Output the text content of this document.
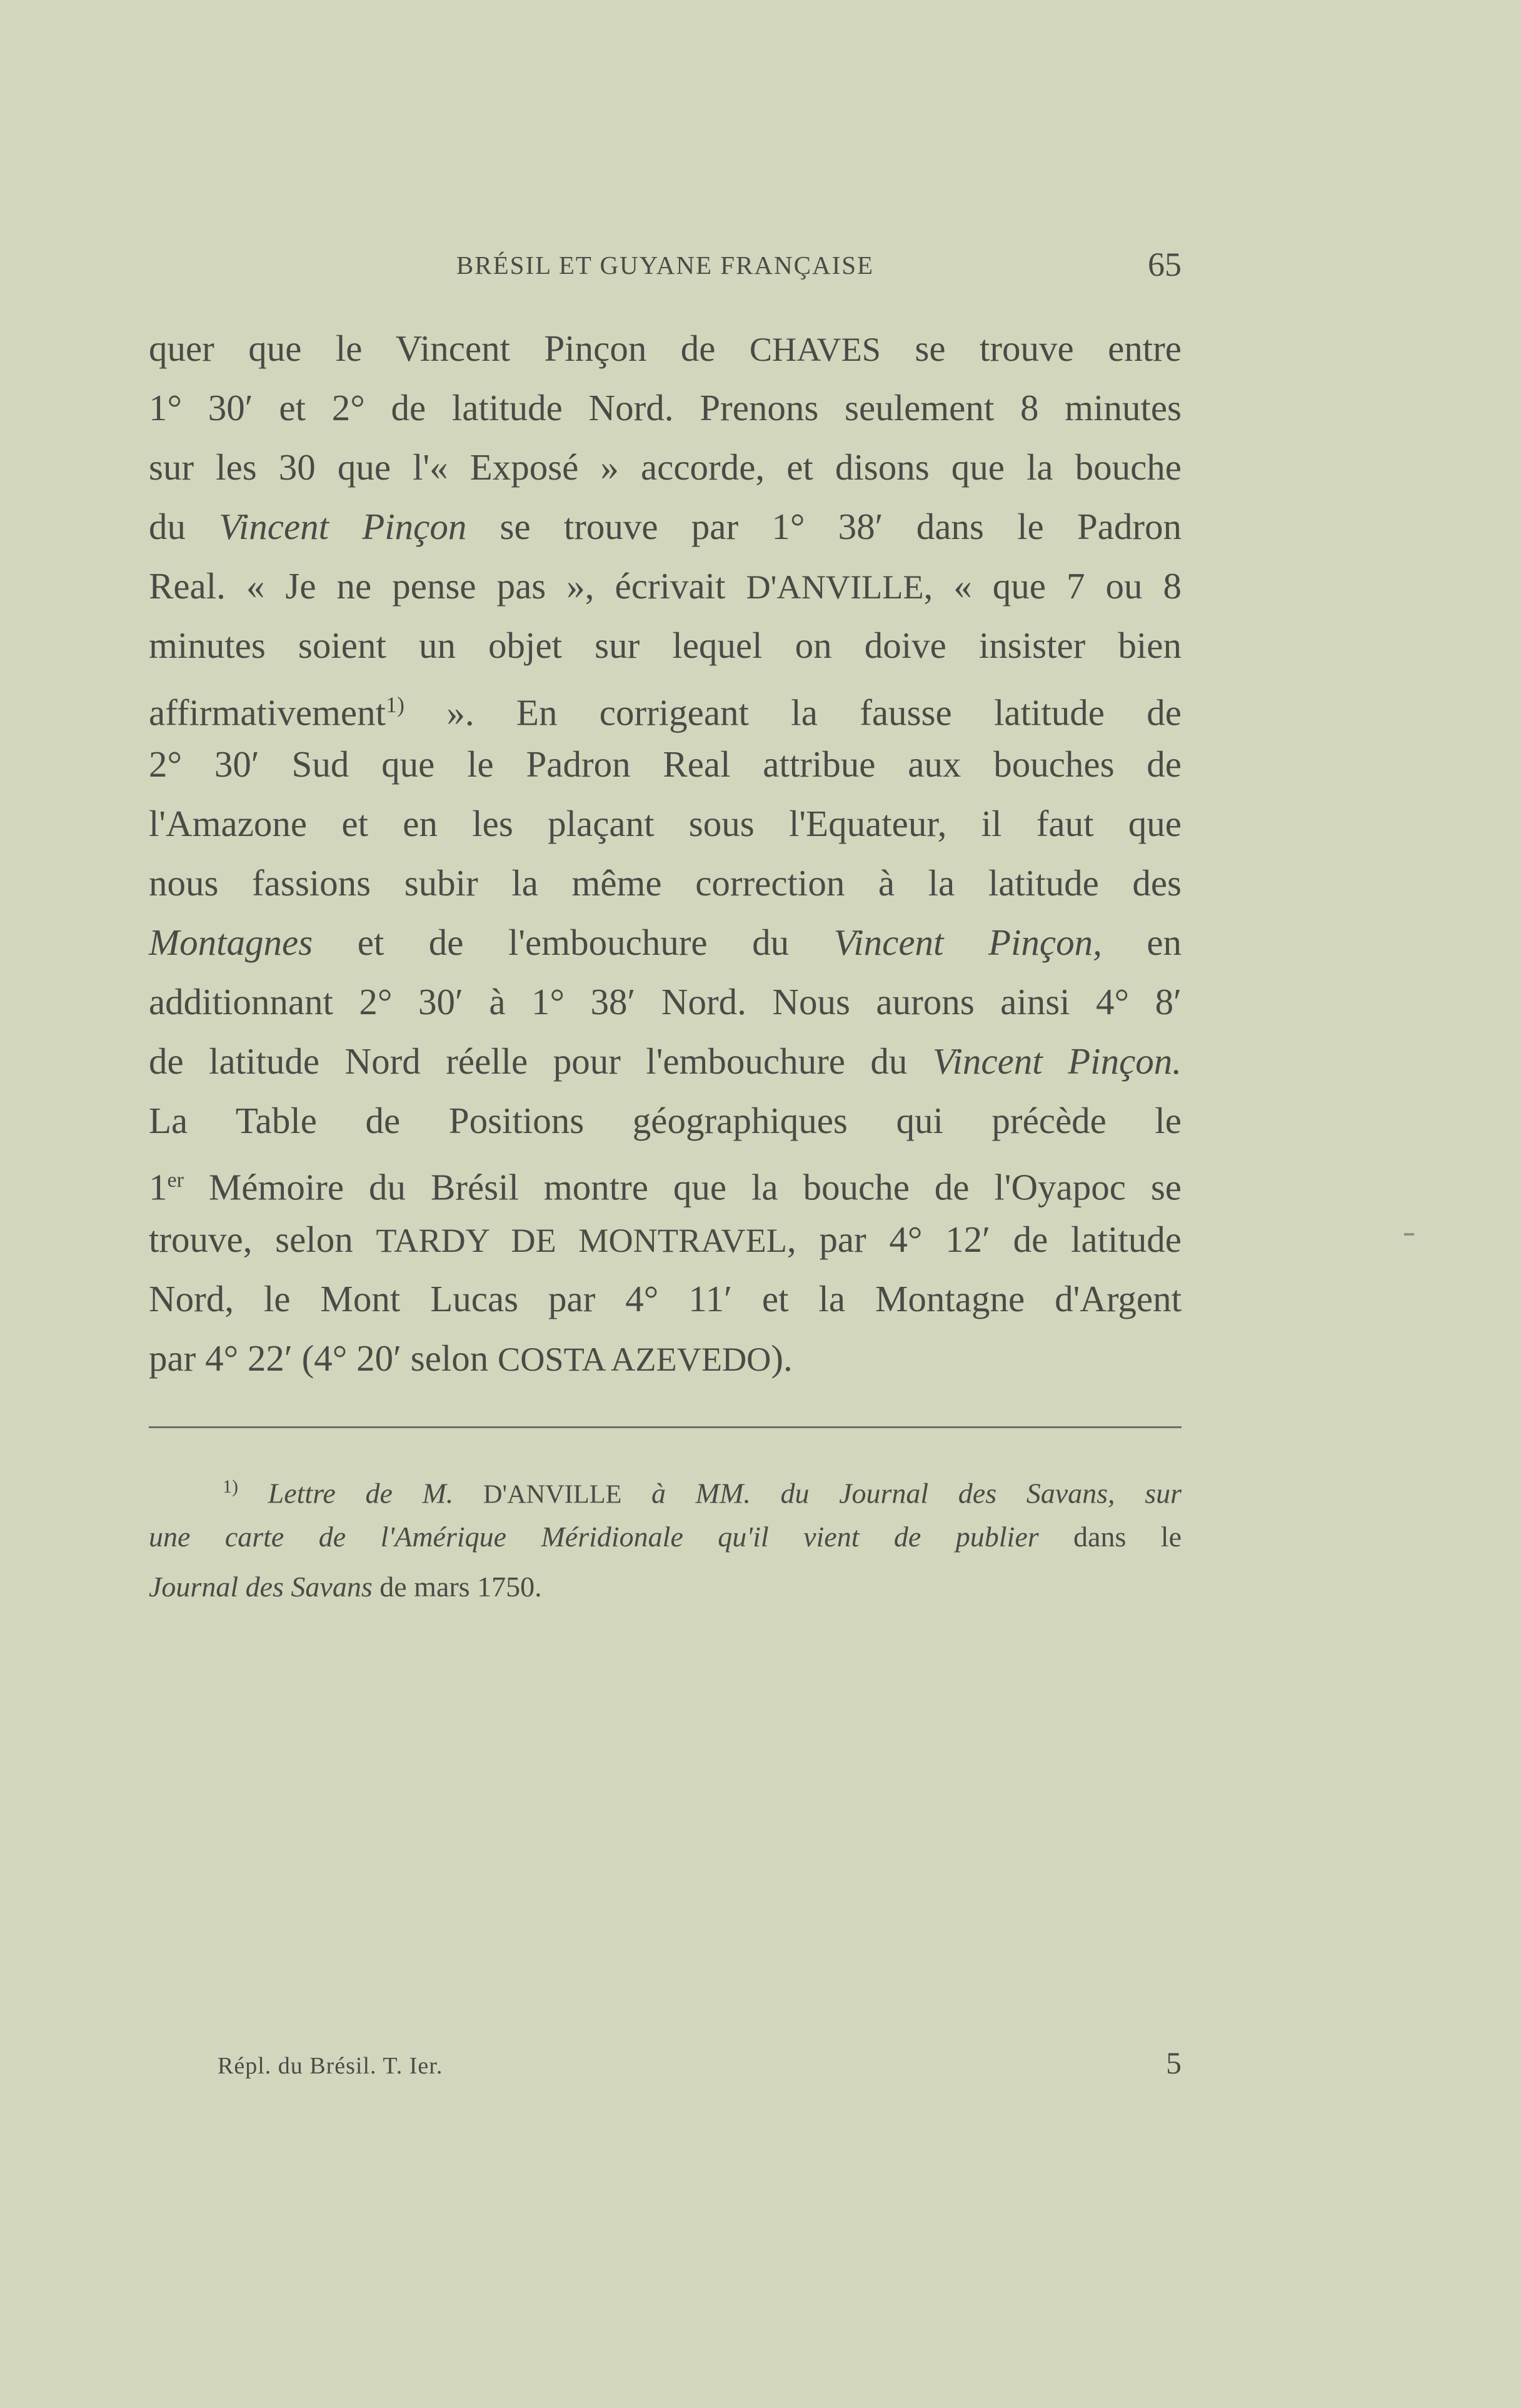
BRÉSIL ET GUYANE FRANÇAISE	65
quer que le Vincent Pinçon de CHAVES se trouve entre
1° 30′ et 2° de latitude Nord. Prenons seulement 8 minutes
sur les 30 que l'« Exposé » accorde, et disons que la bouche
du Vincent Pinçon se trouve par 1° 38′ dans le Padron
Real. « Je ne pense pas », écrivait D'ANVILLE, « que 7 ou 8
minutes soient un objet sur lequel on doive insister bien
affirmativement$^{1)}$ ». En corrigeant la fausse latitude de
2° 30′ Sud que le Padron Real attribue aux bouches de
l'Amazone et en les plaçant sous l'Equateur, il faut que
nous fassions subir la même correction à la latitude des
Montagnes et de l'embouchure du Vincent Pinçon, en
additionnant 2° 30′ à 1° 38′ Nord. Nous aurons ainsi 4° 8′
de latitude Nord réelle pour l'embouchure du Vincent Pinçon.
La Table de Positions géographiques qui précède le
1er Mémoire du Brésil montre que la bouche de l'Oyapoc se
trouve, selon TARDY DE MONTRAVEL, par 4° 12′ de latitude
Nord, le Mont Lucas par 4° 11′ et la Montagne d'Argent
par 4° 22′ (4° 20′ selon COSTA AZEVEDO).
$^{1)}$ Lettre de M. D'ANVILLE à MM. du Journal des Savans, sur
une carte de l'Amérique Méridionale qu'il vient de publier dans le
Journal des Savans de mars 1750.
Répl. du Brésil. T. Ier.	5
